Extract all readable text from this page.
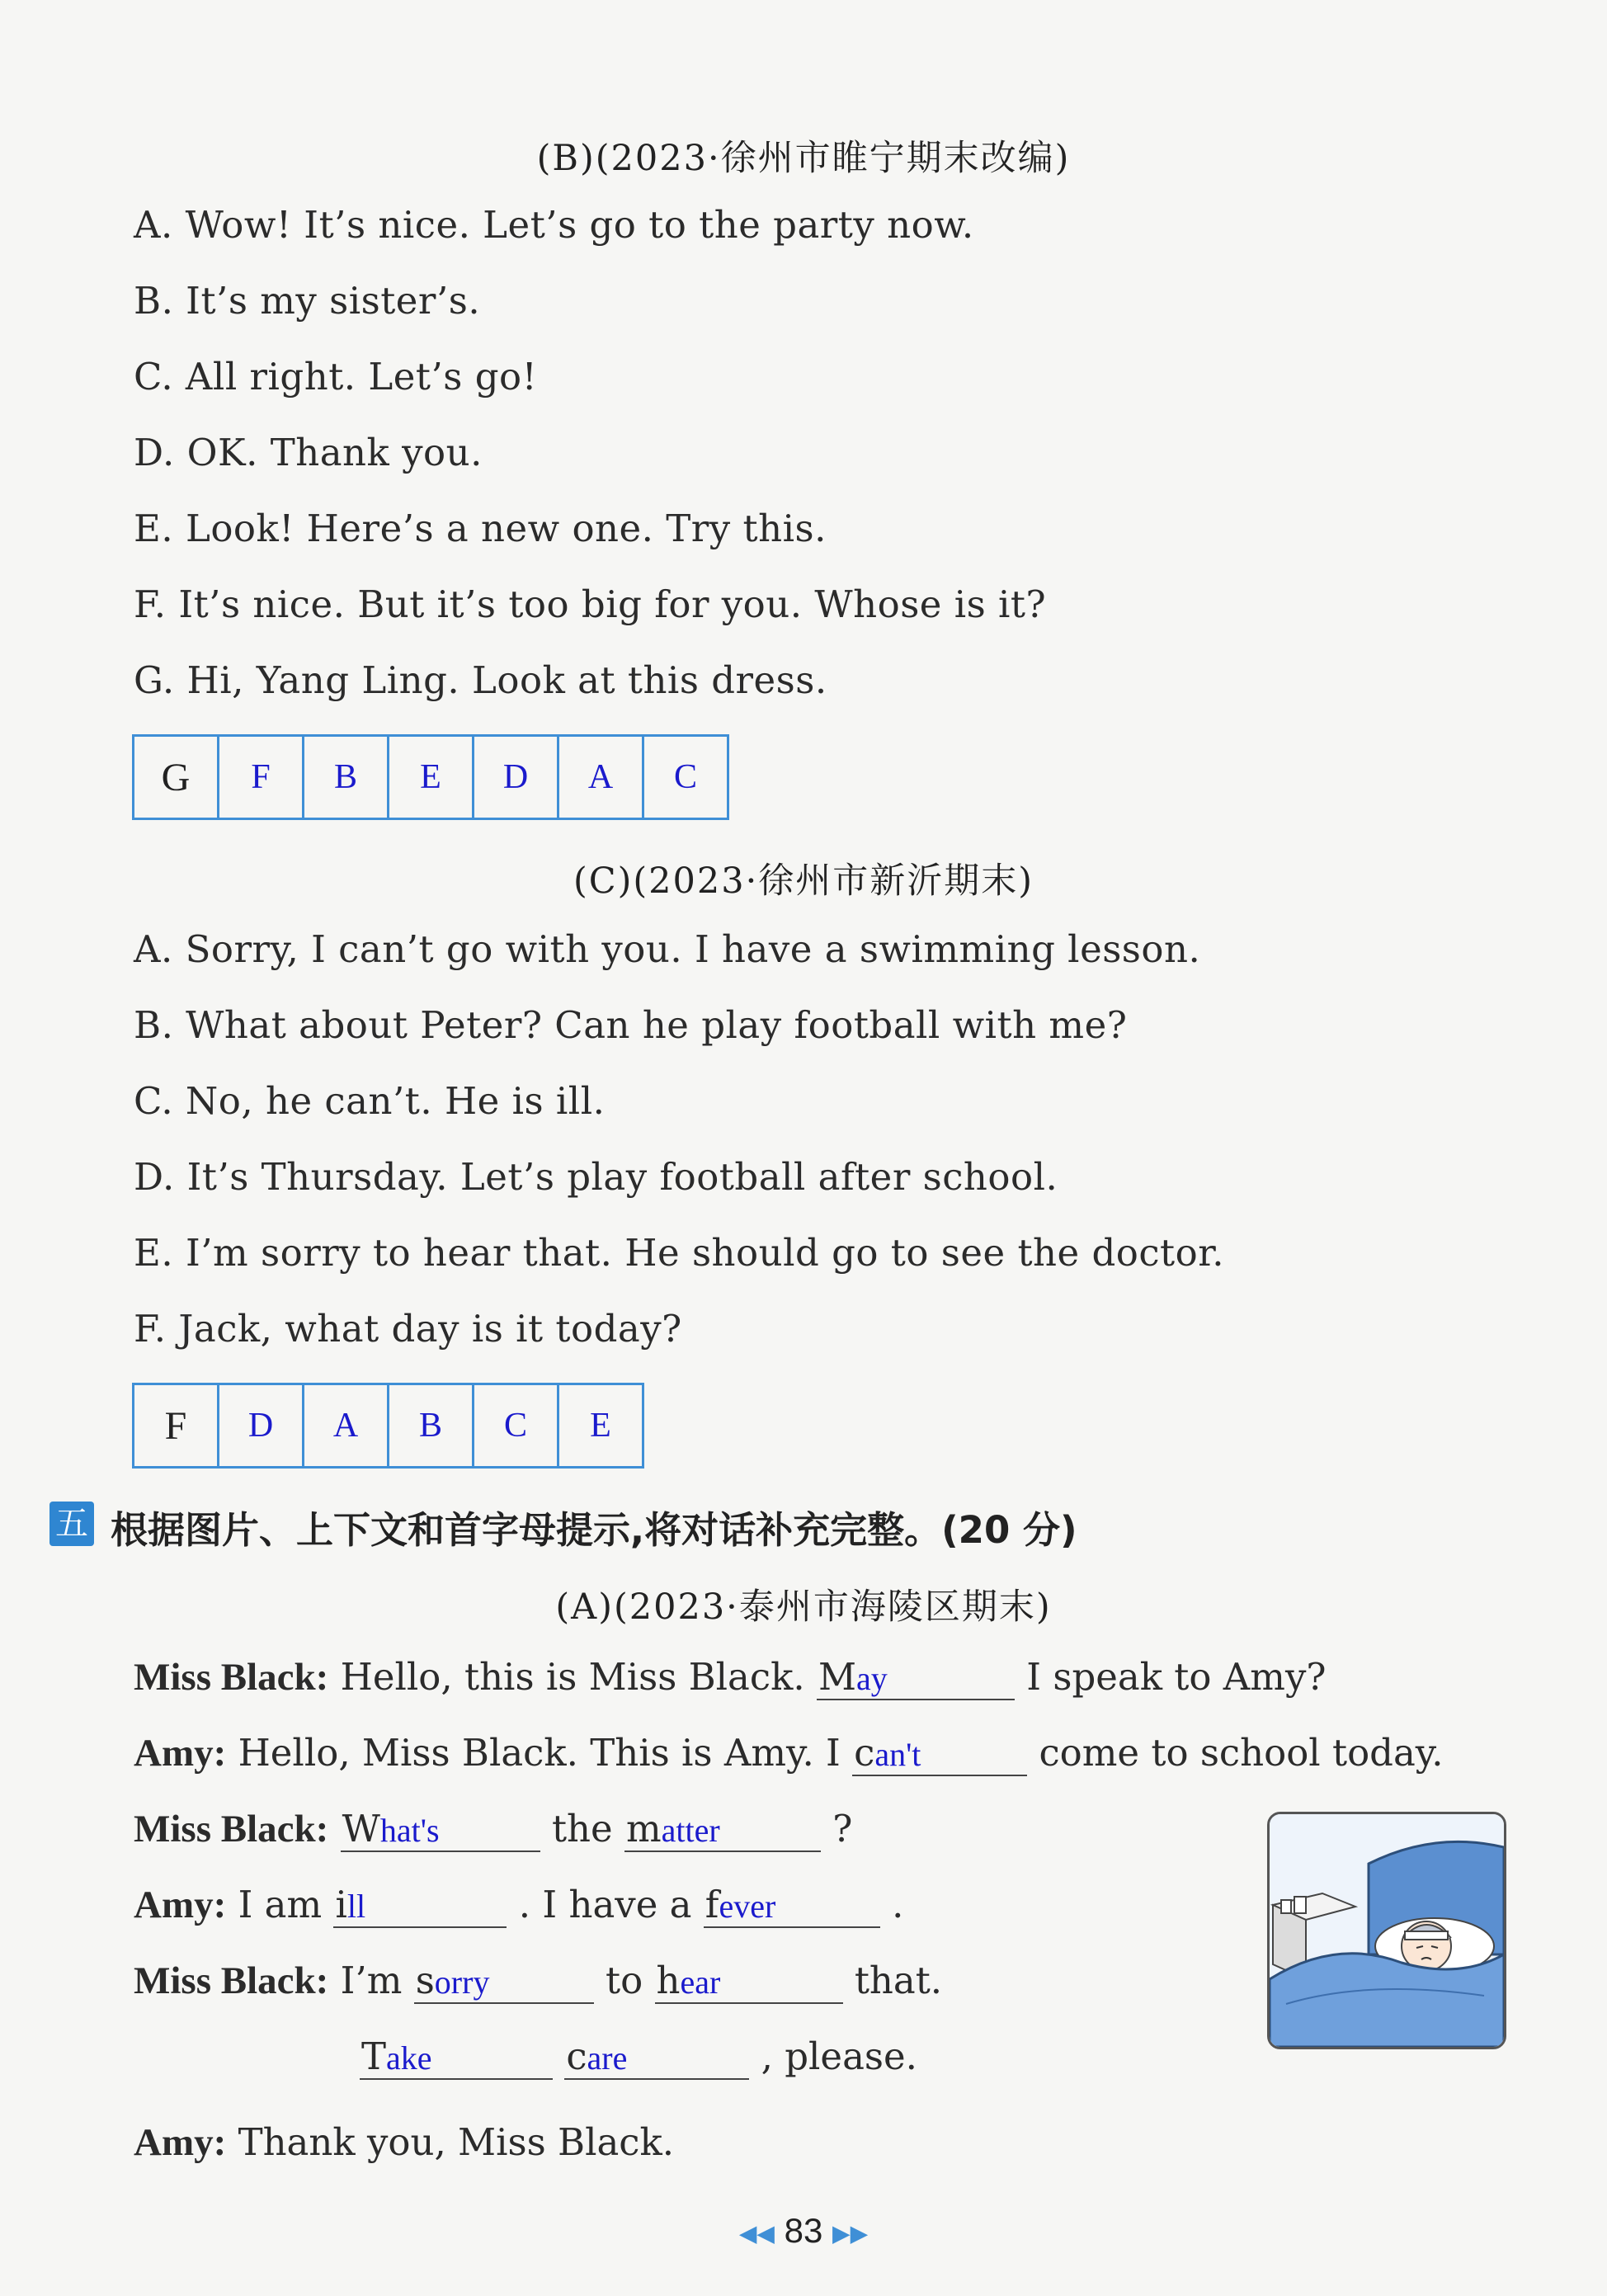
(B)(2023·徐州市睢宁期末改编)
A. Wow! It’s nice. Let’s go to the party now.
B. It’s my sister’s.
C. All right. Let’s go!
D. OK. Thank you.
E. Look! Here’s a new one. Try this.
F. It’s nice. But it’s too big for you. Whose is it?
G. Hi, Yang Ling. Look at this dress.
G	F	B	E	D	A	C
(C)(2023·徐州市新沂期末)
A. Sorry, I can’t go with you. I have a swimming lesson.
B. What about Peter? Can he play football with me?
C. No, he can’t. He is ill.
D. It’s Thursday. Let’s play football after school.
E. I’m sorry to hear that. He should go to see the doctor.
F. Jack, what day is it today?
F	D	A	B	C	E
五 根据图片、上下文和首字母提示,将对话补充完整。(20 分)
(A)(2023·泰州市海陵区期末)
Miss Black: Hello, this is Miss Black. May	I speak to Amy?
Amy: Hello, Miss Black. This is Amy. I can't	come to school today.
Miss Black: What's	the matter	?
Amy: I am ill	. I have a fever	.
Miss Black: I’m sorry	to hear	that.
Take	care	, please.
Amy: Thank you, Miss Black.
◀◀ 83 ▶▶
